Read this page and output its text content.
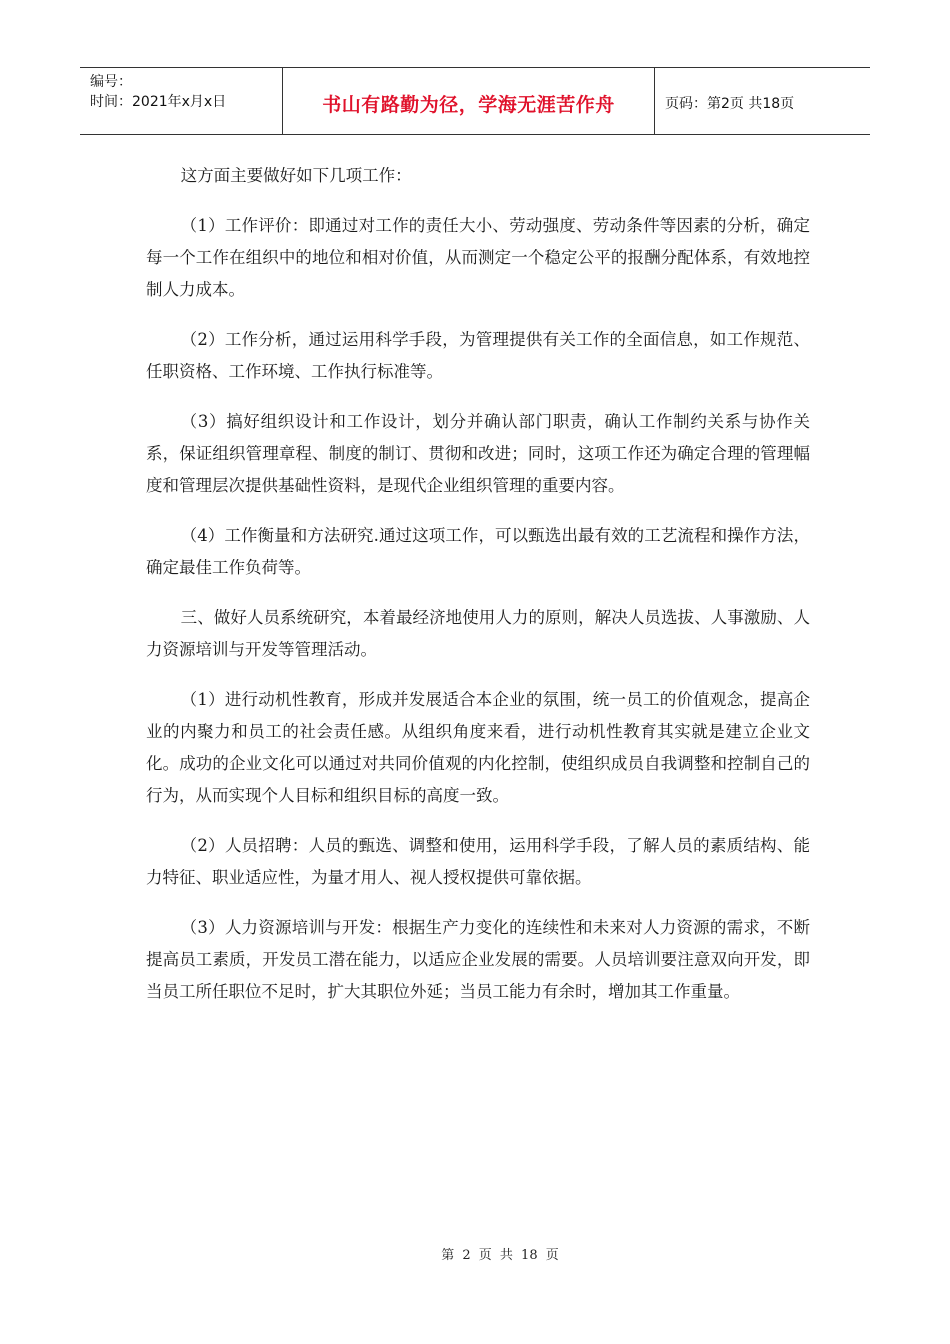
编号：
时间：2021年x月x日	书山有路勤为径，学海无涯苦作舟	页码：第2页 共18页

这方面主要做好如下几项工作：

（1）工作评价：即通过对工作的责任大小、劳动强度、劳动条件等因素的分析，确定每一个工作在组织中的地位和相对价值，从而测定一个稳定公平的报酬分配体系，有效地控制人力成本。

（2）工作分析，通过运用科学手段，为管理提供有关工作的全面信息，如工作规范、任职资格、工作环境、工作执行标准等。

（3）搞好组织设计和工作设计，划分并确认部门职责，确认工作制约关系与协作关系，保证组织管理章程、制度的制订、贯彻和改进；同时，这项工作还为确定合理的管理幅度和管理层次提供基础性资料，是现代企业组织管理的重要内容。

（4）工作衡量和方法研究.通过这项工作，可以甄选出最有效的工艺流程和操作方法，确定最佳工作负荷等。

三、做好人员系统研究，本着最经济地使用人力的原则，解决人员选拔、人事激励、人力资源培训与开发等管理活动。

（1）进行动机性教育，形成并发展适合本企业的氛围，统一员工的价值观念，提高企业的内聚力和员工的社会责任感。从组织角度来看，进行动机性教育其实就是建立企业文化。成功的企业文化可以通过对共同价值观的内化控制，使组织成员自我调整和控制自己的行为，从而实现个人目标和组织目标的高度一致。

（2）人员招聘：人员的甄选、调整和使用，运用科学手段，了解人员的素质结构、能力特征、职业适应性，为量才用人、视人授权提供可靠依据。

（3）人力资源培训与开发：根据生产力变化的连续性和未来对人力资源的需求，不断提高员工素质，开发员工潜在能力，以适应企业发展的需要。人员培训要注意双向开发，即当员工所任职位不足时，扩大其职位外延；当员工能力有余时，增加其工作重量。

第 2 页 共 18 页
